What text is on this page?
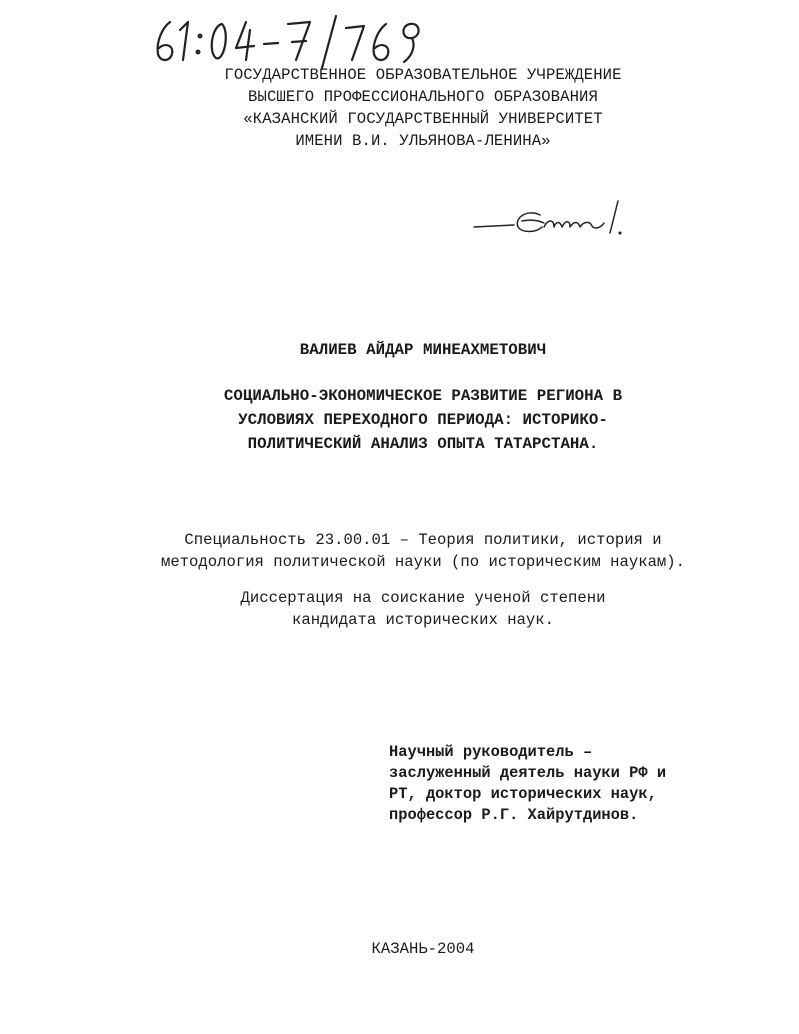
ГОСУДАРСТВЕННОЕ ОБРАЗОВАТЕЛЬНОЕ УЧРЕЖДЕНИЕ
ВЫСШЕГО ПРОФЕССИОНАЛЬНОГО ОБРАЗОВАНИЯ
«КАЗАНСКИЙ ГОСУДАРСТВЕННЫЙ УНИВЕРСИТЕТ
ИМЕНИ В.И. УЛЬЯНОВА-ЛЕНИНА»
ВАЛИЕВ АЙДАР МИНЕАХМЕТОВИЧ
СОЦИАЛЬНО-ЭКОНОМИЧЕСКОЕ РАЗВИТИЕ РЕГИОНА В
УСЛОВИЯХ ПЕРЕХОДНОГО ПЕРИОДА: ИСТОРИКО-
ПОЛИТИЧЕСКИЙ АНАЛИЗ ОПЫТА ТАТАРСТАНА.
Специальность 23.00.01 – Теория политики, история и
методология политической науки (по историческим наукам).
Диссертация на соискание ученой степени
кандидата исторических наук.
Научный руководитель –
заслуженный деятель науки РФ и
РТ, доктор исторических наук,
профессор Р.Г. Хайрутдинов.
КАЗАНЬ-2004
